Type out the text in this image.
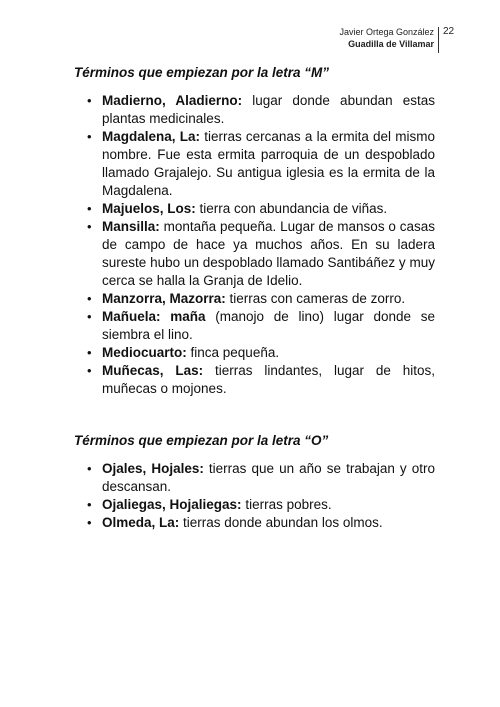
Javier Ortega González
Guadilla de Villamar
22
Términos que empiezan por la letra “M”
• Madierno, Aladierno: lugar donde abundan estas plantas medicinales.
• Magdalena, La: tierras cercanas a la ermita del mismo nombre. Fue esta ermita parroquia de un despoblado llamado Grajalejo. Su antigua iglesia es la ermita de la Magdalena.
• Majuelos, Los: tierra con abundancia de viñas.
• Mansilla: montaña pequeña. Lugar de mansos o casas de campo de hace ya muchos años. En su ladera sureste hubo un despoblado llamado Santibáñez y muy cerca se halla la Granja de Idelio.
• Manzorra, Mazorra: tierras con cameras de zorro.
• Mañuela: maña (manojo de lino) lugar donde se siembra el lino.
• Mediocuarto: finca pequeña.
• Muñecas, Las: tierras lindantes, lugar de hitos, muñecas o mojones.
Términos que empiezan por la letra “O”
• Ojales, Hojales: tierras que un año se trabajan y otro descansan.
• Ojaliegas, Hojaliegas: tierras pobres.
• Olmeda, La: tierras donde abundan los olmos.
